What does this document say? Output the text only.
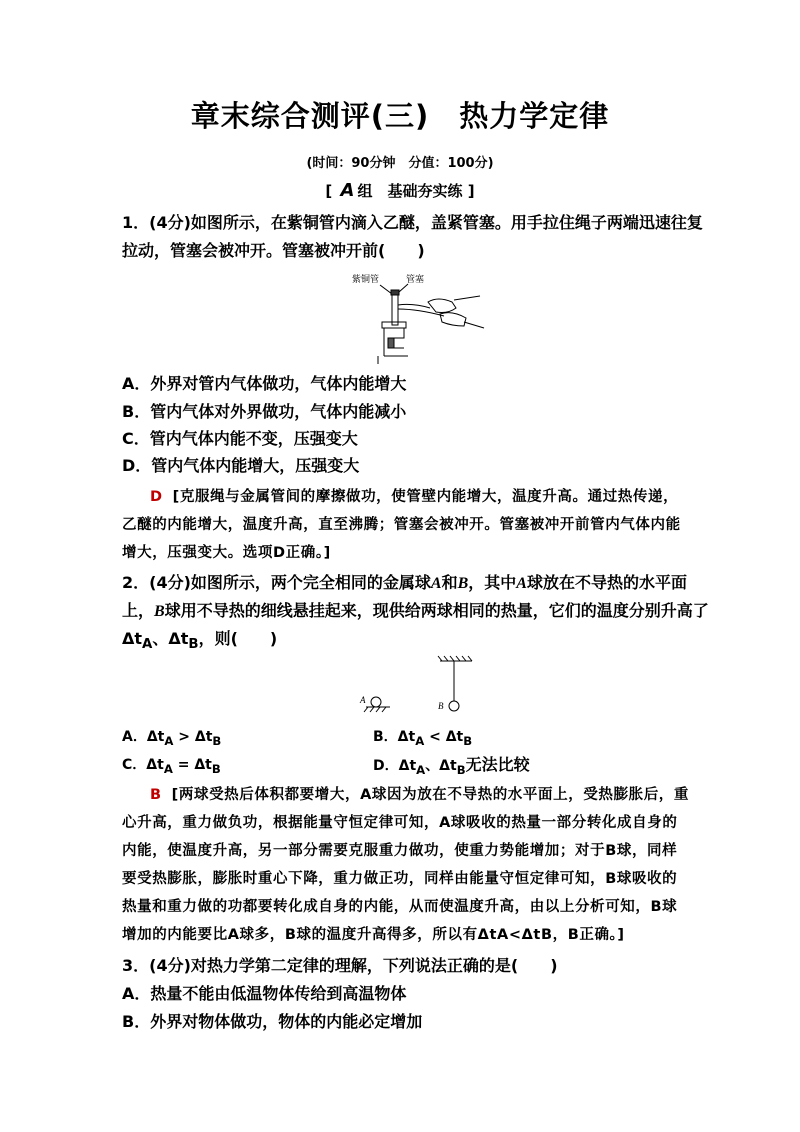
章末综合测评(三)　热力学定律
(时间：90分钟　分值：100分)
[ A 组　基础夯实练 ]
1．(4分)如图所示，在紫铜管内滴入乙醚，盖紧管塞。用手拉住绳子两端迅速往复
拉动，管塞会被冲开。管塞被冲开前(　　)
紫铜管	管塞
A．外界对管内气体做功，气体内能增大
B．管内气体对外界做功，气体内能减小
C．管内气体内能不变，压强变大
D．管内气体内能增大，压强变大
D [克服绳与金属管间的摩擦做功，使管壁内能增大，温度升高。通过热传递，
乙醚的内能增大，温度升高，直至沸腾；管塞会被冲开。管塞被冲开前管内气体内能
增大，压强变大。选项D正确。]
2．(4分)如图所示，两个完全相同的金属球A和B，其中A球放在不导热的水平面
上，B球用不导热的细线悬挂起来，现供给两球相同的热量，它们的温度分别升高了
$\Delta t_A$、$\Delta t_B$，则(　　)
A
B
A．$\Delta t_A > \Delta t_B$	B．$\Delta t_A < \Delta t_B$
C．$\Delta t_A = \Delta t_B$	D．$\Delta t_A$、$\Delta t_B$无法比较
B [两球受热后体积都要增大，A球因为放在不导热的水平面上，受热膨胀后，重
心升高，重力做负功，根据能量守恒定律可知，A球吸收的热量一部分转化成自身的
内能，使温度升高，另一部分需要克服重力做功，使重力势能增加；对于B球，同样
要受热膨胀，膨胀时重心下降，重力做正功，同样由能量守恒定律可知，B球吸收的
热量和重力做的功都要转化成自身的内能，从而使温度升高，由以上分析可知，B球
增加的内能要比A球多，B球的温度升高得多，所以有ΔtA<ΔtB，B正确。]
3．(4分)对热力学第二定律的理解，下列说法正确的是(　　)
A．热量不能由低温物体传给到高温物体
B．外界对物体做功，物体的内能必定增加
